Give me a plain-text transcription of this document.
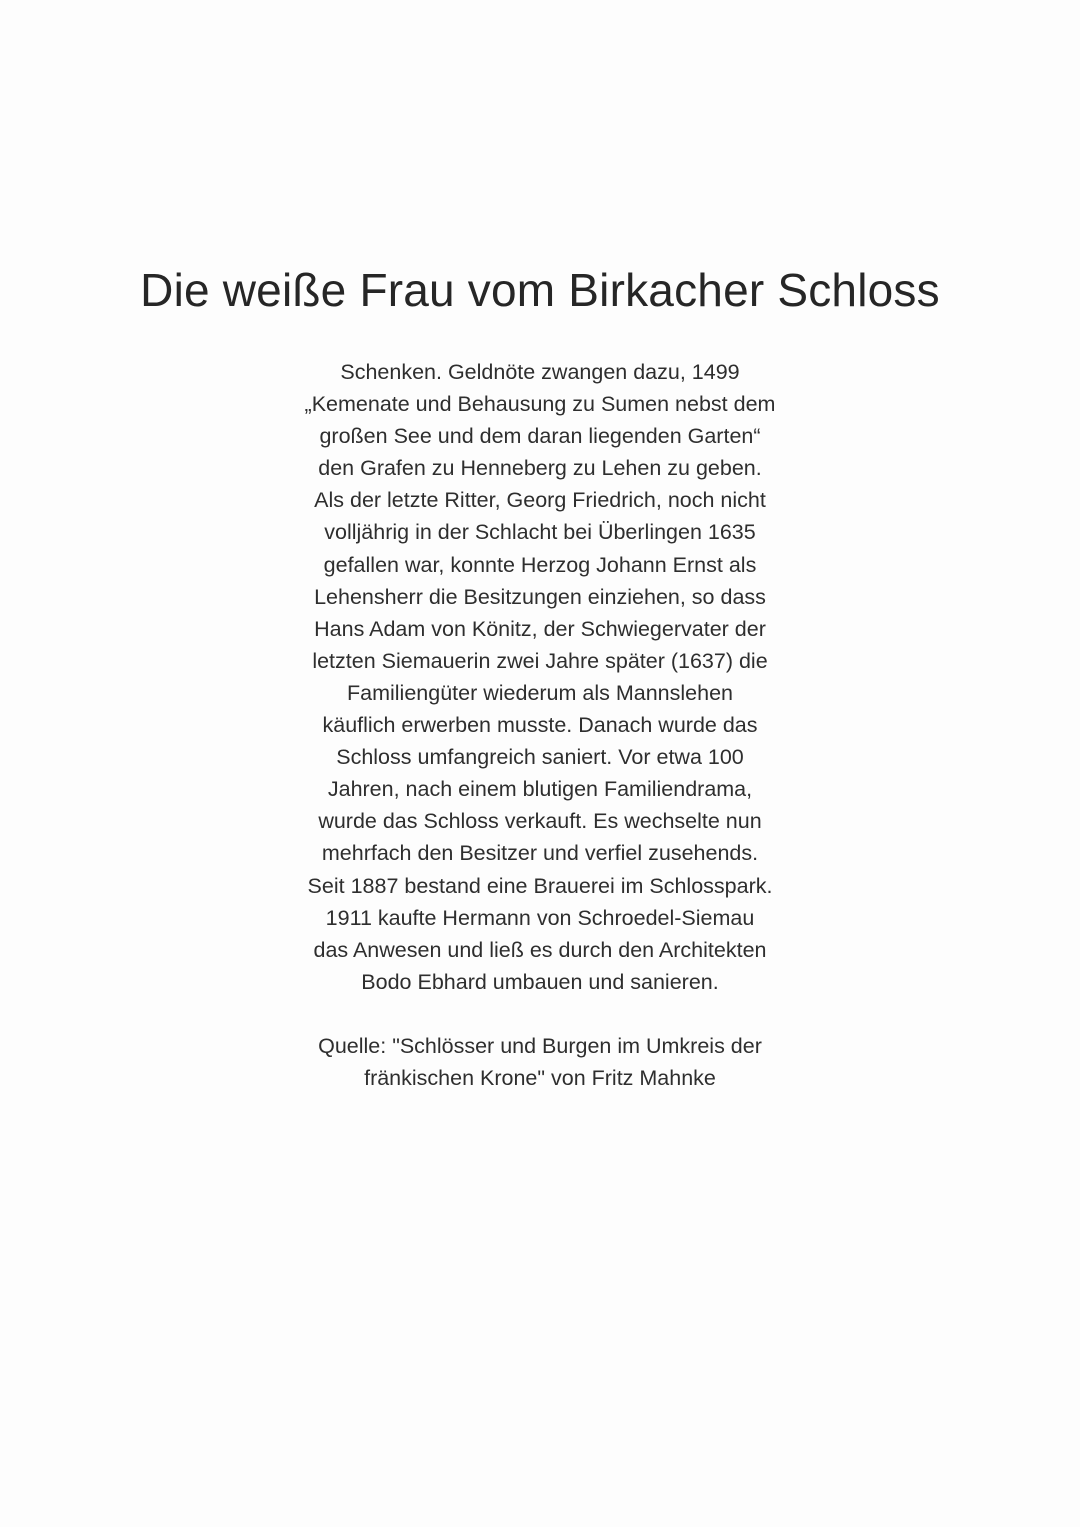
Die weiße Frau vom Birkacher Schloss
Schenken. Geldnöte zwangen dazu, 1499
„Kemenate und Behausung zu Sumen nebst dem
großen See und dem daran liegenden Garten“
den Grafen zu Henneberg zu Lehen zu geben.
Als der letzte Ritter, Georg Friedrich, noch nicht
volljährig in der Schlacht bei Überlingen 1635
gefallen war, konnte Herzog Johann Ernst als
Lehensherr die Besitzungen einziehen, so dass
Hans Adam von Könitz, der Schwiegervater der
letzten Siemauerin zwei Jahre später (1637) die
Familiengüter wiederum als Mannslehen
käuflich erwerben musste. Danach wurde das
Schloss umfangreich saniert. Vor etwa 100
Jahren, nach einem blutigen Familiendrama,
wurde das Schloss verkauft. Es wechselte nun
mehrfach den Besitzer und verfiel zusehends.
Seit 1887 bestand eine Brauerei im Schlosspark.
1911 kaufte Hermann von Schroedel-Siemau
das Anwesen und ließ es durch den Architekten
Bodo Ebhard umbauen und sanieren.
Quelle: "Schlösser und Burgen im Umkreis der
fränkischen Krone" von Fritz Mahnke
